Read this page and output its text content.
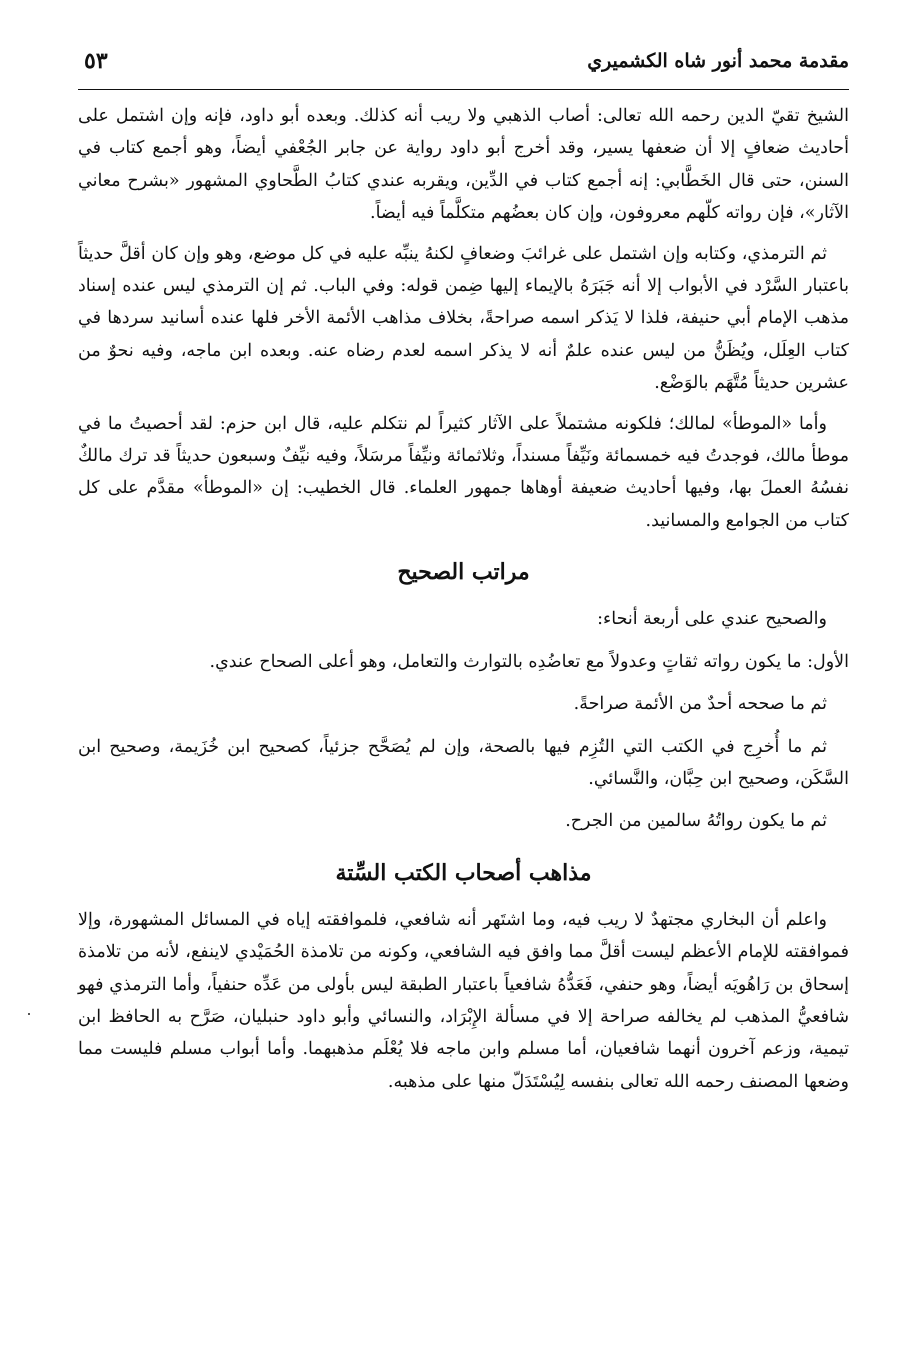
مقدمة محمد أنور شاه الكشميري
٥٣

الشيخ تقيّ الدين رحمه الله تعالى: أصاب الذهبي ولا ريب أنه كذلك. وبعده أبو داود، فإنه وإن اشتمل على أحاديث ضعافٍ إلا أن ضعفها يسير، وقد أخرج أبو داود رواية عن جابر الجُعْفي أيضاً، وهو أجمع كتاب في السنن، حتى قال الخَطَّابي: إنه أجمع كتاب في الدِّين، ويقربه عندي كتابُ الطَّحاوي المشهور «بشرح معاني الآثار»، فإن رواته كلّهم معروفون، وإن كان بعضُهم متكلَّماً فيه أيضاً.

ثم الترمذي، وكتابه وإن اشتمل على غرائبَ وضعافٍ لكنهُ ينبِّه عليه في كل موضع، وهو وإن كان أقلَّ حديثاً باعتبار السَّرْد في الأبواب إلا أنه جَبَرَهُ بالإيماء إليها ضِمن قوله: وفي الباب. ثم إن الترمذي ليس عنده إسناد مذهب الإمام أبي حنيفة، فلذا لا يَذكر اسمه صراحةً، بخلاف مذاهب الأئمة الأخر فلها عنده أسانيد سردها في كتاب العِلَل، ويُظَنُّ من ليس عنده علمٌ أنه لا يذكر اسمه لعدم رضاه عنه. وبعده ابن ماجه، وفيه نحوٌ من عشرين حديثاً مُتَّهَم بالوَضْع.

وأما «الموطأ» لمالك؛ فلكونه مشتملاً على الآثار كثيراً لم نتكلم عليه، قال ابن حزم: لقد أحصيتُ ما في موطأ مالك، فوجدتُ فيه خمسمائة ونَيِّفاً مسنداً، وثلاثمائة ونيِّفاً مرسَلاً، وفيه نيِّفٌ وسبعون حديثاً قد ترك مالكٌ نفسُهُ العملَ بها، وفيها أحاديث ضعيفة أوهاها جمهور العلماء. قال الخطيب: إن «الموطأ» مقدَّم على كل كتاب من الجوامع والمسانيد.

مراتب الصحيح

والصحيح عندي على أربعة أنحاء:

الأول: ما يكون رواته ثقاتٍ وعدولاً مع تعاضُدِه بالتوارث والتعامل، وهو أعلى الصحاح عندي.

ثم ما صححه أحدٌ من الأئمة صراحةً.

ثم ما أُخرِج في الكتب التي التُزِم فيها بالصحة، وإن لم يُصَحَّح جزئياً، كصحيح ابن خُزَيمة، وصحيح ابن السَّكَن، وصحيح ابن حِبَّان، والنَّسائي.

ثم ما يكون رواتُهُ سالمين من الجرح.

مذاهب أصحاب الكتب السِّتة

واعلم أن البخاري مجتهدٌ لا ريب فيه، وما اشتَهر أنه شافعي، فلموافقته إياه في المسائل المشهورة، وإلا فموافقته للإمام الأعظم ليست أقلَّ مما وافق فيه الشافعي، وكونه من تلامذة الحُمَيْدي لاينفع، لأنه من تلامذة إسحاق بن رَاهُويَه أيضاً، وهو حنفي، فَعَدُّهُ شافعياً باعتبار الطبقة ليس بأولى من عَدِّه حنفياً، وأما الترمذي فهو شافعيُّ المذهب لم يخالفه صراحة إلا في مسألة الإِبْرَاد، والنسائي وأبو داود حنبليان، صَرَّح به الحافظ ابن تيمية، وزعم آخرون أنهما شافعيان، أما مسلم وابن ماجه فلا يُعْلَم مذهبهما. وأما أبواب مسلم فليست مما وضعها المصنف رحمه الله تعالى بنفسه لِيُسْتَدَلّ منها على مذهبه.
